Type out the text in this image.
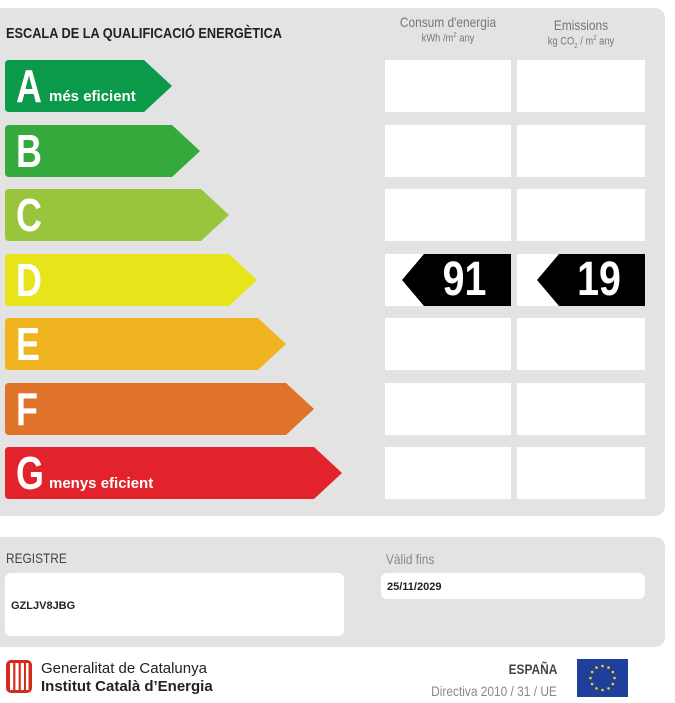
ESCALA DE LA QUALIFICACIÓ ENERGÈTICA
Consum d'energia
kWh $/m^2$ any
Emissions
kg $CO_2 / m^2$ any
A més eficient
B
C
D	91	19
E
F
G menys eficient
REGISTRE
GZLJV8JBG
Vàlid fins
25/11/2029
Generalitat de Catalunya
Institut Català d’Energia
ESPAÑA
Directiva 2010 / 31 / UE
